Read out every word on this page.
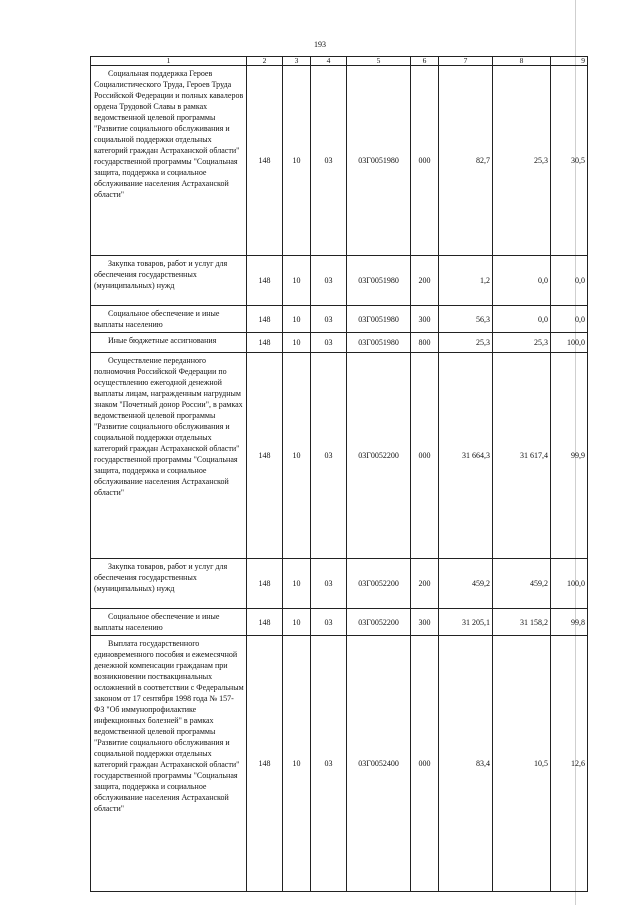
193
1	2	3	4	5	6	7	8	9

Социальная поддержка Героев Социалистического Труда, Героев Труда Российской Федерации и полных кавалеров ордена Трудовой Славы в рамках ведомственной целевой программы "Развитие социального обслуживания и социальной поддержки отдельных категорий граждан Астраханской области" государственной программы "Социальная защита, поддержка и социальное обслуживание населения Астраханской области"	148	10	03	03Г0051980	000	82,7	25,3	30,5

Закупка товаров, работ и услуг для обеспечения государственных (муниципальных) нужд	148	10	03	03Г0051980	200	1,2	0,0	0,0

Социальное обеспечение и иные выплаты населению	148	10	03	03Г0051980	300	56,3	0,0	0,0

Иные бюджетные ассигнования	148	10	03	03Г0051980	800	25,3	25,3	100,0

Осуществление переданного полномочия Российской Федерации по осуществлению ежегодной денежной выплаты лицам, награжденным нагрудным знаком "Почетный донор России", в рамках ведомственной целевой программы "Развитие социального обслуживания и социальной поддержки отдельных категорий граждан Астраханской области" государственной программы "Социальная защита, поддержка и социальное обслуживание населения Астраханской области"	148	10	03	03Г0052200	000	31 664,3	31 617,4	99,9

Закупка товаров, работ и услуг для обеспечения государственных (муниципальных) нужд	148	10	03	03Г0052200	200	459,2	459,2	100,0

Социальное обеспечение и иные выплаты населению	148	10	03	03Г0052200	300	31 205,1	31 158,2	99,8

Выплата государственного единовременного пособия и ежемесячной денежной компенсации гражданам при возникновении поствакцинальных осложнений в соответствии с Федеральным законом от 17 сентября 1998 года № 157-ФЗ "Об иммунопрофилактике инфекционных болезней" в рамках ведомственной целевой программы "Развитие социального обслуживания и социальной поддержки отдельных категорий граждан Астраханской области" государственной программы "Социальная защита, поддержка и социальное обслуживание населения Астраханской области"	148	10	03	03Г0052400	000	83,4	10,5	12,6
